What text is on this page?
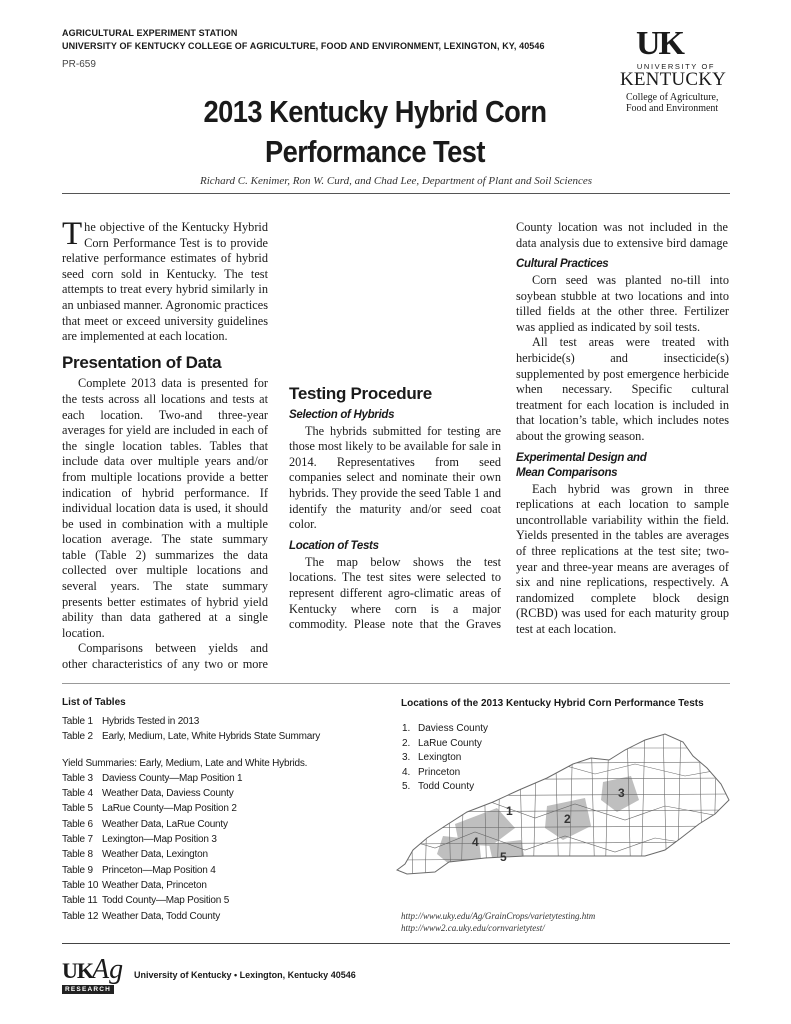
AGRICULTURAL EXPERIMENT STATION
UNIVERSITY OF KENTUCKY COLLEGE OF AGRICULTURE, FOOD AND ENVIRONMENT, LEXINGTON, KY, 40546
PR-659
UK
UNIVERSITY OF
KENTUCKY
College of Agriculture,
Food and Environment
2013 Kentucky Hybrid Corn
Performance Test
Richard C. Kenimer, Ron W. Curd, and Chad Lee, Department of Plant and Soil Sciences

The objective of the Kentucky Hybrid Corn Performance Test is to provide relative performance estimates of hybrid seed corn sold in Kentucky. The test attempts to treat every hybrid similarly in an unbiased manner. Agronomic practices that meet or exceed university guidelines are implemented at each location.

Presentation of Data

Complete 2013 data is presented for the tests across all locations and tests at each location. Two-and three-year averages for yield are included in each of the single location tables. Tables that include data over multiple years and/or from multiple locations provide a better indication of hybrid performance. If individual location data is used, it should be used in combination with a multiple location average. The state summary table (Table 2) summarizes the data collected over multiple locations and several years. The state summary presents better estimates of hybrid yield ability than data gathered at a single location.

Comparisons between yields and other characteristics of any two or more

Testing Procedure
Selection of Hybrids

The hybrids submitted for testing are those most likely to be available for sale in 2014. Representatives from seed companies select and nominate their own hybrids. They provide the seed Table 1 and identify the maturity and/or seed coat color.

Location of Tests

The map below shows the test locations. The test sites were selected to represent different agro-climatic areas of Kentucky where corn is a major commodity. Please note that the Graves

County location was not included in the data analysis due to extensive bird damage

Cultural Practices

Corn seed was planted no-till into soybean stubble at two locations and into tilled fields at the other three. Fertilizer was applied as indicated by soil tests.

All test areas were treated with herbicide(s) and insecticide(s) supplemented by post emergence herbicide when necessary. Specific cultural treatment for each location is included in that location’s table, which includes notes about the growing season.

Experimental Design and
Mean Comparisons

Each hybrid was grown in three replications at each location to sample uncontrollable variability within the field. Yields presented in the tables are averages of three replications at the test site; two-year and three-year means are averages of six and nine replications, respectively. A randomized complete block design (RCBD) was used for each maturity group test at each location.

List of Tables
Table 1 Hybrids Tested in 2013
Table 2 Early, Medium, Late, White Hybrids State Summary
Yield Summaries: Early, Medium, Late and White Hybrids.
Table 3 Daviess County—Map Position 1
Table 4 Weather Data, Daviess County
Table 5 LaRue County—Map Position 2
Table 6 Weather Data, LaRue County
Table 7 Lexington—Map Position 3
Table 8 Weather Data, Lexington
Table 9 Princeton—Map Position 4
Table 10 Weather Data, Princeton
Table 11 Todd County—Map Position 5
Table 12 Weather Data, Todd County
Locations of the 2013 Kentucky Hybrid Corn Performance Tests
1. Daviess County
2. LaRue County
3. Lexington
4. Princeton
5. Todd County
1
2
3
4
5
http://www.uky.edu/Ag/GrainCrops/varietytesting.htm
http://www2.ca.uky.edu/cornvarietytest/
UK Ag
RESEARCH
University of Kentucky • Lexington, Kentucky 40546
